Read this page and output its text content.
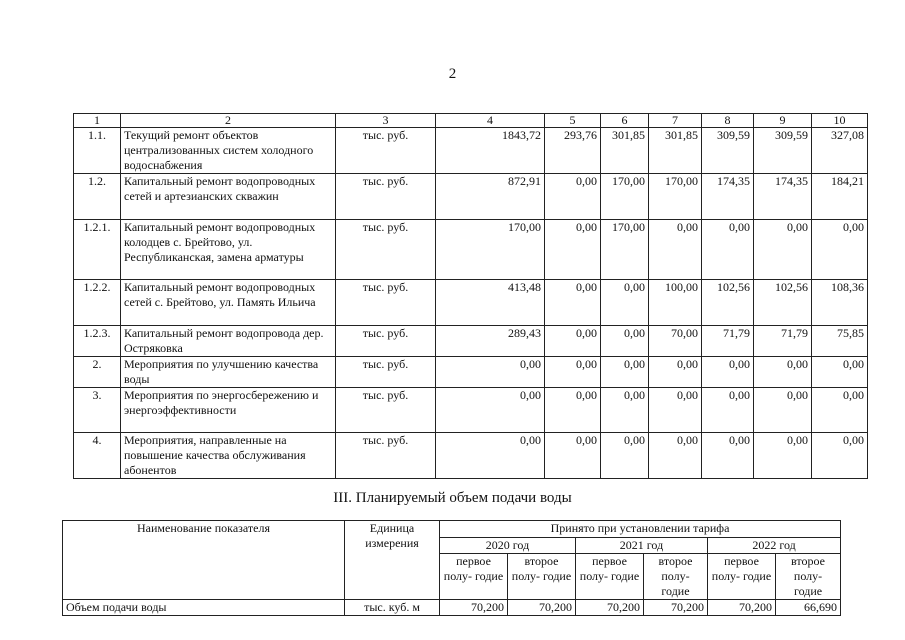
2
1	2	3	4	5	6	7	8	9	10
1.1.	Текущий ремонт объектов централизованных систем холодного водоснабжения	тыс. руб.	1843,72	293,76	301,85	301,85	309,59	309,59	327,08
1.2.	Капитальный ремонт водопроводных сетей и артезианских скважин	тыс. руб.	872,91	0,00	170,00	170,00	174,35	174,35	184,21
1.2.1.	Капитальный ремонт водопроводных колодцев с. Брейтово, ул. Республиканская, замена арматуры	тыс. руб.	170,00	0,00	170,00	0,00	0,00	0,00	0,00
1.2.2.	Капитальный ремонт водопроводных сетей с. Брейтово, ул. Память Ильича	тыс. руб.	413,48	0,00	0,00	100,00	102,56	102,56	108,36
1.2.3.	Капитальный ремонт водопровода дер. Остряковка	тыс. руб.	289,43	0,00	0,00	70,00	71,79	71,79	75,85
2.	Мероприятия по улучшению качества воды	тыс. руб.	0,00	0,00	0,00	0,00	0,00	0,00	0,00
3.	Мероприятия по энергосбережению и энергоэффективности	тыс. руб.	0,00	0,00	0,00	0,00	0,00	0,00	0,00
4.	Мероприятия, направленные на повышение качества обслуживания абонентов	тыс. руб.	0,00	0,00	0,00	0,00	0,00	0,00	0,00
III. Планируемый объем подачи воды
Наименование показателя	Единица измерения	Принято при установлении тарифа					
		2020 год		2021 год		2022 год	
		первое полу- годие	второе полу- годие	первое полу- годие	второе полу- годие	первое полу- годие	второе полу- годие
Объем подачи воды	тыс. куб. м	70,200	70,200	70,200	70,200	70,200	66,690
